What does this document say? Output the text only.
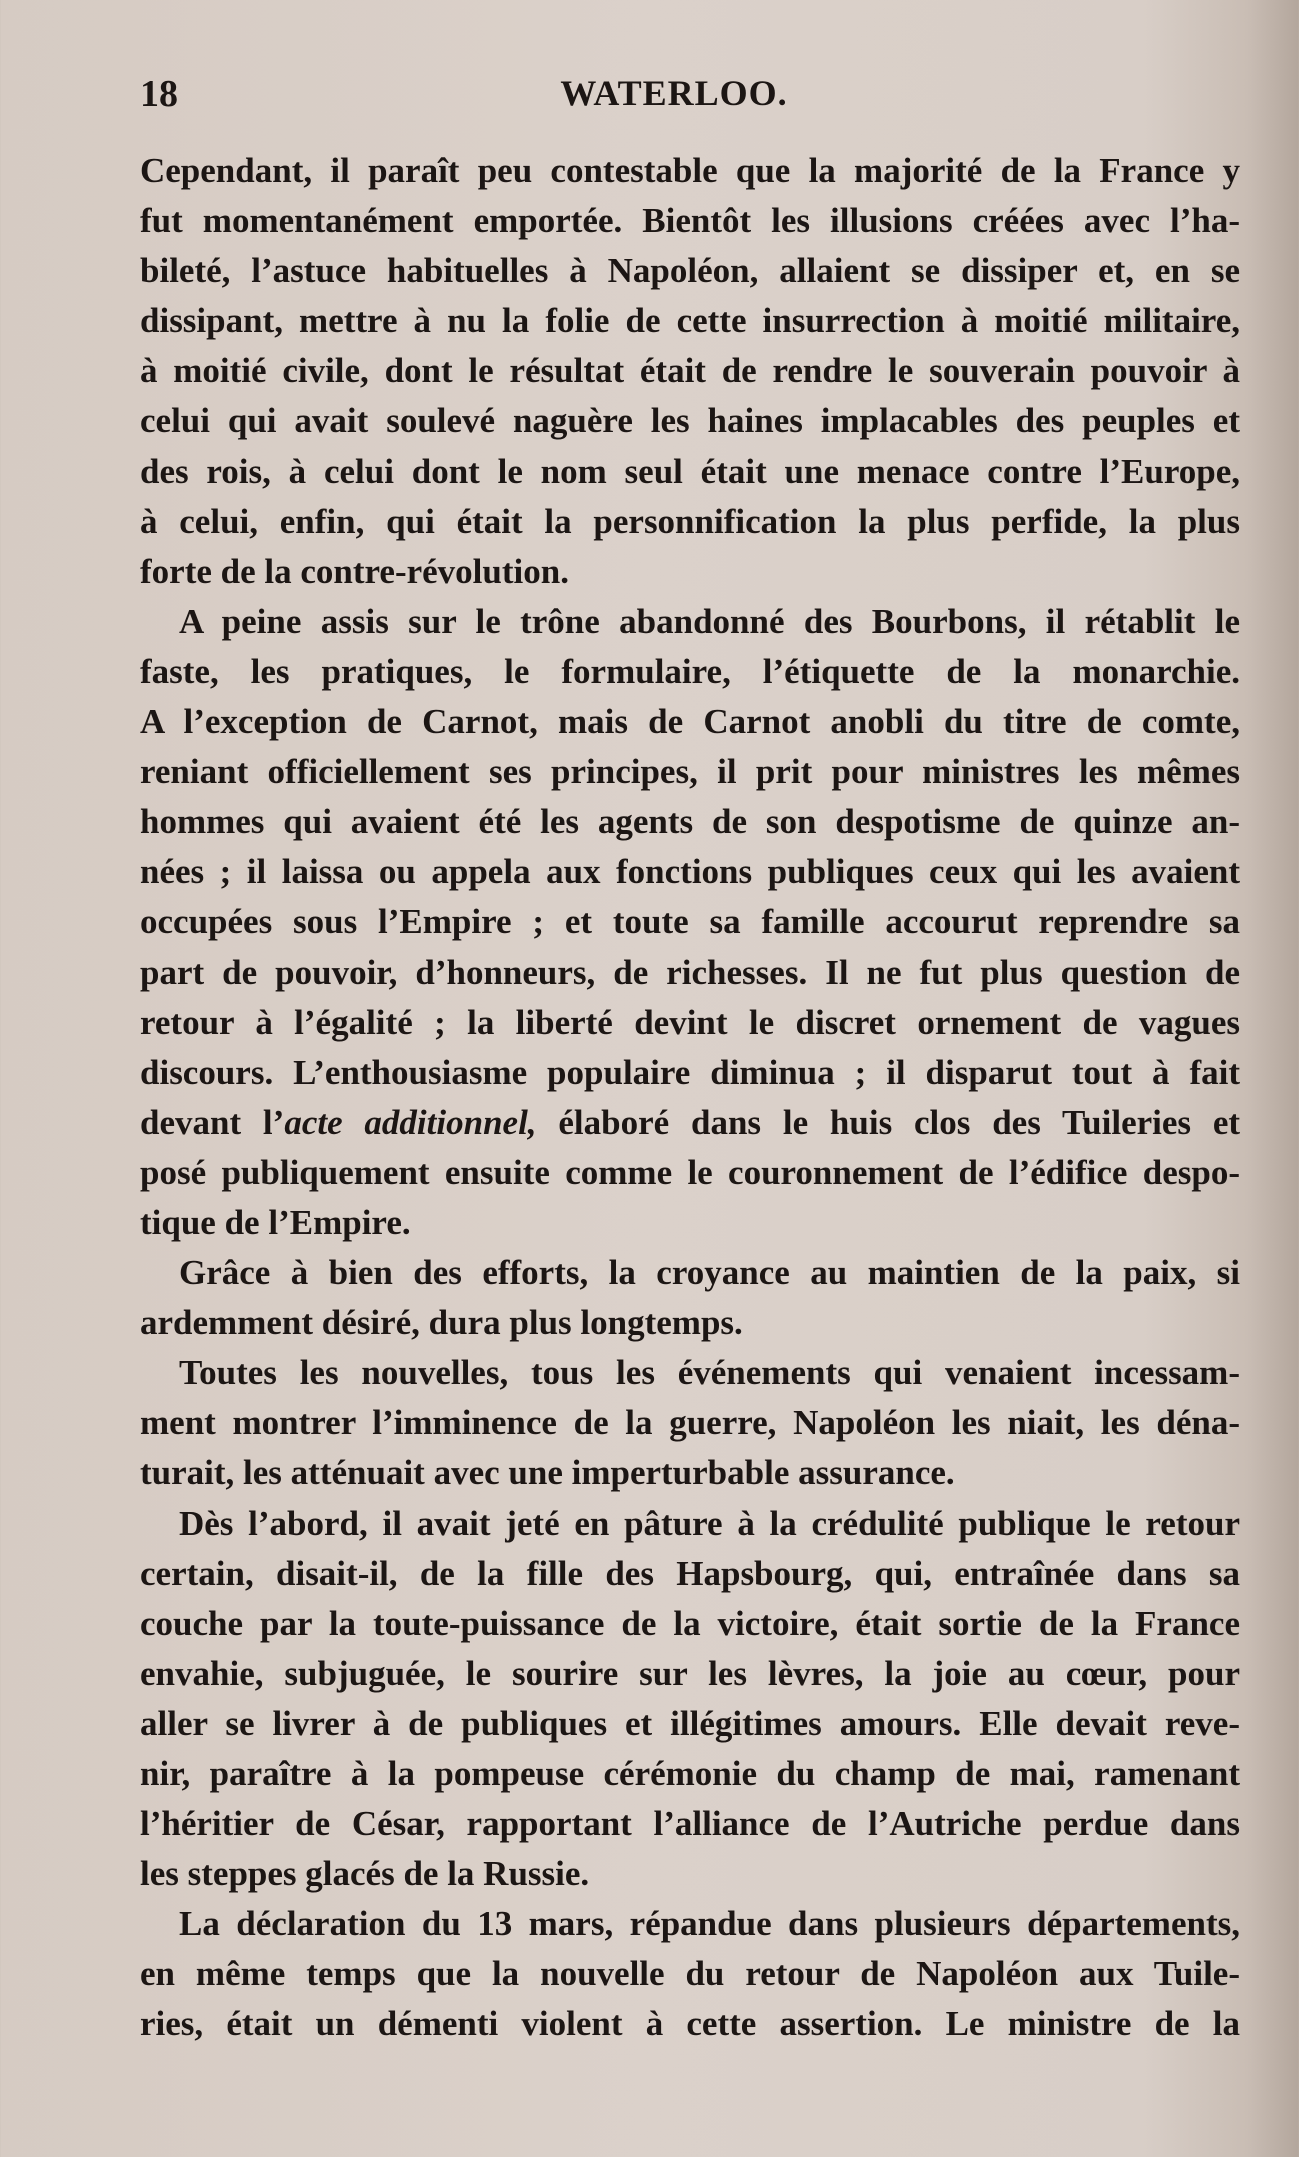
18	WATERLOO.
Cependant, il paraît peu contestable que la majorité de la France y
fut momentanément emportée. Bientôt les illusions créées avec l’ha-
bileté, l’astuce habituelles à Napoléon, allaient se dissiper et, en se
dissipant, mettre à nu la folie de cette insurrection à moitié militaire,
à moitié civile, dont le résultat était de rendre le souverain pouvoir à
celui qui avait soulevé naguère les haines implacables des peuples et
des rois, à celui dont le nom seul était une menace contre l’Europe,
à celui, enfin, qui était la personnification la plus perfide, la plus
forte de la contre-révolution.
A peine assis sur le trône abandonné des Bourbons, il rétablit le
faste, les pratiques, le formulaire, l’étiquette de la monarchie.
A l’exception de Carnot, mais de Carnot anobli du titre de comte,
reniant officiellement ses principes, il prit pour ministres les mêmes
hommes qui avaient été les agents de son despotisme de quinze an-
nées ; il laissa ou appela aux fonctions publiques ceux qui les avaient
occupées sous l’Empire ; et toute sa famille accourut reprendre sa
part de pouvoir, d’honneurs, de richesses. Il ne fut plus question de
retour à l’égalité ; la liberté devint le discret ornement de vagues
discours. L’enthousiasme populaire diminua ; il disparut tout à fait
devant l’acte additionnel, élaboré dans le huis clos des Tuileries et
posé publiquement ensuite comme le couronnement de l’édifice despo-
tique de l’Empire.
Grâce à bien des efforts, la croyance au maintien de la paix, si
ardemment désiré, dura plus longtemps.
Toutes les nouvelles, tous les événements qui venaient incessam-
ment montrer l’imminence de la guerre, Napoléon les niait, les déna-
turait, les atténuait avec une imperturbable assurance.
Dès l’abord, il avait jeté en pâture à la crédulité publique le retour
certain, disait-il, de la fille des Hapsbourg, qui, entraînée dans sa
couche par la toute-puissance de la victoire, était sortie de la France
envahie, subjuguée, le sourire sur les lèvres, la joie au cœur, pour
aller se livrer à de publiques et illégitimes amours. Elle devait reve-
nir, paraître à la pompeuse cérémonie du champ de mai, ramenant
l’héritier de César, rapportant l’alliance de l’Autriche perdue dans
les steppes glacés de la Russie.
La déclaration du 13 mars, répandue dans plusieurs départements,
en même temps que la nouvelle du retour de Napoléon aux Tuile-
ries, était un démenti violent à cette assertion. Le ministre de la
